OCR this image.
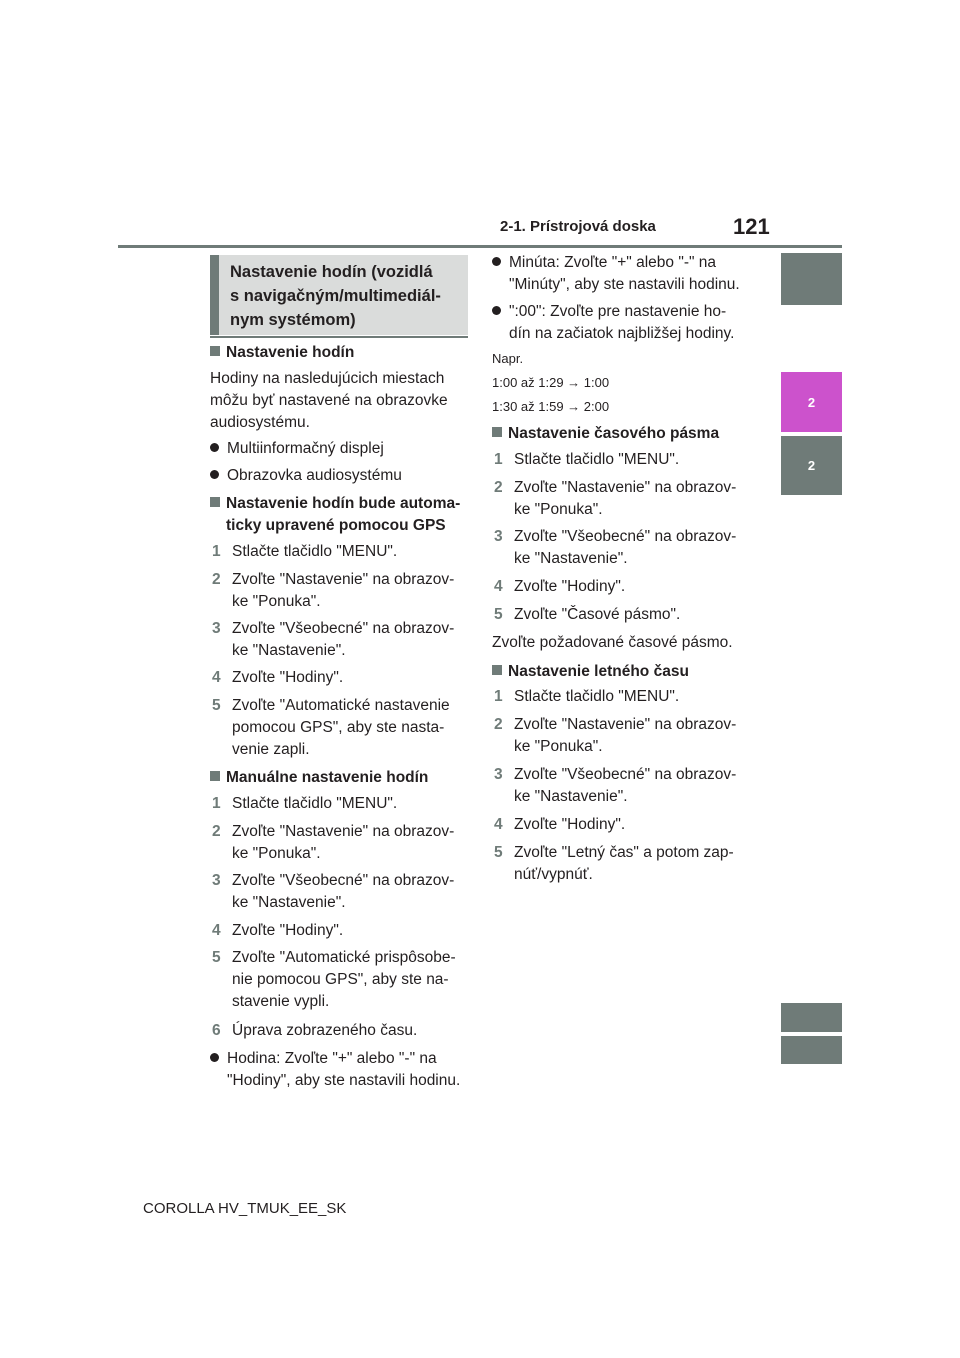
2-1. Prístrojová doska	121
2
2
Nastavenie hodín (vozidlá
s navigačným/multimediál-
nym systémom)
Nastavenie hodín
Hodiny na nasledujúcich miestach
môžu byť nastavené na obrazovke
audiosystému.
Multiinformačný displej
Obrazovka audiosystému
Nastavenie hodín bude automa-
ticky upravené pomocou GPS
1 Stlačte tlačidlo "MENU".
2 Zvoľte "Nastavenie" na obrazov-
ke "Ponuka".
3 Zvoľte "Všeobecné" na obrazov-
ke "Nastavenie".
4 Zvoľte "Hodiny".
5 Zvoľte "Automatické nastavenie
pomocou GPS", aby ste nasta-
venie zapli.
Manuálne nastavenie hodín
1 Stlačte tlačidlo "MENU".
2 Zvoľte "Nastavenie" na obrazov-
ke "Ponuka".
3 Zvoľte "Všeobecné" na obrazov-
ke "Nastavenie".
4 Zvoľte "Hodiny".
5 Zvoľte "Automatické prispôsobe-
nie pomocou GPS", aby ste na-
stavenie vypli.
6 Úprava zobrazeného času.
Hodina: Zvoľte "+" alebo "-" na
"Hodiny", aby ste nastavili hodinu.
Minúta: Zvoľte "+" alebo "-" na
"Minúty", aby ste nastavili hodinu.
":00": Zvoľte pre nastavenie ho-
dín na začiatok najbližšej hodiny.
Napr.
1:00 až 1:29 → 1:00
1:30 až 1:59 → 2:00
Nastavenie časového pásma
1 Stlačte tlačidlo "MENU".
2 Zvoľte "Nastavenie" na obrazov-
ke "Ponuka".
3 Zvoľte "Všeobecné" na obrazov-
ke "Nastavenie".
4 Zvoľte "Hodiny".
5 Zvoľte "Časové pásmo".
Zvoľte požadované časové pásmo.
Nastavenie letného času
1 Stlačte tlačidlo "MENU".
2 Zvoľte "Nastavenie" na obrazov-
ke "Ponuka".
3 Zvoľte "Všeobecné" na obrazov-
ke "Nastavenie".
4 Zvoľte "Hodiny".
5 Zvoľte "Letný čas" a potom zap-
núť/vypnúť.
COROLLA HV_TMUK_EE_SK
